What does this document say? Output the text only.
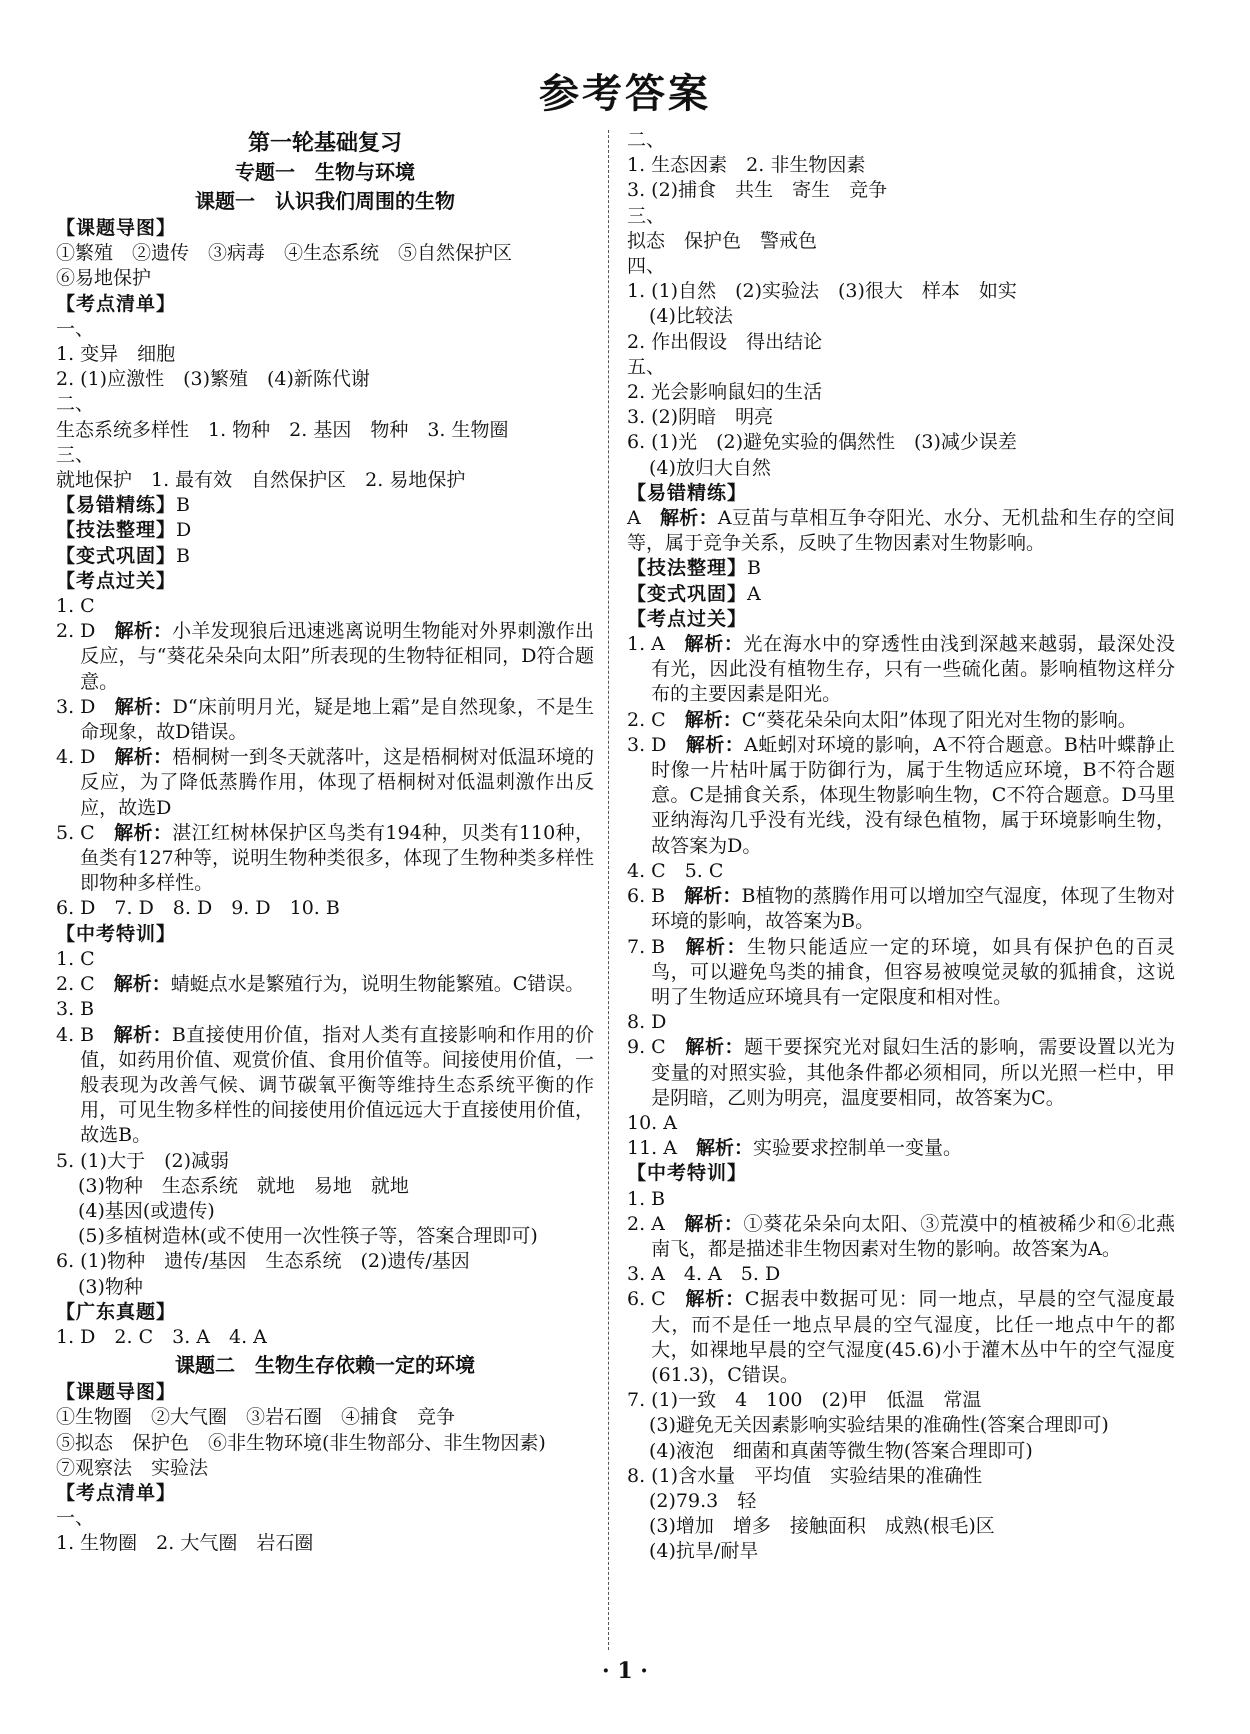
参考答案
第一轮基础复习
专题一　生物与环境
课题一　认识我们周围的生物
【课题导图】
①繁殖　②遗传　③病毒　④生态系统　⑤自然保护区
⑥易地保护
【考点清单】
一、
1. 变异　细胞
2. (1)应激性　(3)繁殖　(4)新陈代谢
二、
生态系统多样性　1. 物种　2. 基因　物种　3. 生物圈
三、
就地保护　1. 最有效　自然保护区　2. 易地保护
【易错精练】B
【技法整理】D
【变式巩固】B
【考点过关】
1. C
2. D  解析：小羊发现狼后迅速逃离说明生物能对外界刺激作出反应，与“葵花朵朵向太阳”所表现的生物特征相同，D符合题意。
3. D  解析：D“床前明月光，疑是地上霜”是自然现象，不是生命现象，故D错误。
4. D  解析：梧桐树一到冬天就落叶，这是梧桐树对低温环境的反应，为了降低蒸腾作用，体现了梧桐树对低温刺激作出反应，故选D
5. C  解析：湛江红树林保护区鸟类有194种，贝类有110种，鱼类有127种等，说明生物种类很多，体现了生物种类多样性即物种多样性。
6. D　7. D　8. D　9. D　10. B
【中考特训】
1. C
2. C  解析：蜻蜓点水是繁殖行为，说明生物能繁殖。C错误。
3. B
4. B  解析：B直接使用价值，指对人类有直接影响和作用的价值，如药用价值、观赏价值、食用价值等。间接使用价值，一般表现为改善气候、调节碳氧平衡等维持生态系统平衡的作用，可见生物多样性的间接使用价值远远大于直接使用价值，故选B。
5. (1)大于　(2)减弱
(3)物种　生态系统　就地　易地　就地
(4)基因(或遗传)
(5)多植树造林(或不使用一次性筷子等，答案合理即可)
6. (1)物种　遗传/基因　生态系统　(2)遗传/基因
(3)物种
【广东真题】
1. D　2. C　3. A　4. A
课题二　生物生存依赖一定的环境
【课题导图】
①生物圈　②大气圈　③岩石圈　④捕食　竞争
⑤拟态　保护色　⑥非生物环境(非生物部分、非生物因素)
⑦观察法　实验法
【考点清单】
一、
1. 生物圈　2. 大气圈　岩石圈
二、
1. 生态因素　2. 非生物因素
3. (2)捕食　共生　寄生　竞争
三、
拟态　保护色　警戒色
四、
1. (1)自然　(2)实验法　(3)很大　样本　如实
(4)比较法
2. 作出假设　得出结论
五、
2. 光会影响鼠妇的生活
3. (2)阴暗　明亮
6. (1)光　(2)避免实验的偶然性　(3)减少误差
(4)放归大自然
【易错精练】
A  解析：A豆苗与草相互争夺阳光、水分、无机盐和生存的空间等，属于竞争关系，反映了生物因素对生物影响。
【技法整理】B
【变式巩固】A
【考点过关】
1. A  解析：光在海水中的穿透性由浅到深越来越弱，最深处没有光，因此没有植物生存，只有一些硫化菌。影响植物这样分布的主要因素是阳光。
2. C  解析：C“葵花朵朵向太阳”体现了阳光对生物的影响。
3. D  解析：A蚯蚓对环境的影响，A不符合题意。B枯叶蝶静止时像一片枯叶属于防御行为，属于生物适应环境，B不符合题意。C是捕食关系，体现生物影响生物，C不符合题意。D马里亚纳海沟几乎没有光线，没有绿色植物，属于环境影响生物，故答案为D。
4. C　5. C
6. B  解析：B植物的蒸腾作用可以增加空气湿度，体现了生物对环境的影响，故答案为B。
7. B  解析：生物只能适应一定的环境，如具有保护色的百灵鸟，可以避免鸟类的捕食，但容易被嗅觉灵敏的狐捕食，这说明了生物适应环境具有一定限度和相对性。
8. D
9. C  解析：题干要探究光对鼠妇生活的影响，需要设置以光为变量的对照实验，其他条件都必须相同，所以光照一栏中，甲是阴暗，乙则为明亮，温度要相同，故答案为C。
10. A
11. A  解析：实验要求控制单一变量。
【中考特训】
1. B
2. A  解析：①葵花朵朵向太阳、③荒漠中的植被稀少和⑥北燕南飞，都是描述非生物因素对生物的影响。故答案为A。
3. A　4. A　5. D
6. C  解析：C据表中数据可见：同一地点，早晨的空气湿度最大，而不是任一地点早晨的空气湿度，比任一地点中午的都大，如裸地早晨的空气湿度(45.6)小于灌木丛中午的空气湿度(61.3)，C错误。
7. (1)一致　4　100　(2)甲　低温　常温
(3)避免无关因素影响实验结果的准确性(答案合理即可)
(4)液泡　细菌和真菌等微生物(答案合理即可)
8. (1)含水量　平均值　实验结果的准确性
(2)79.3　轻
(3)增加　增多　接触面积　成熟(根毛)区
(4)抗旱/耐旱
· 1 ·
